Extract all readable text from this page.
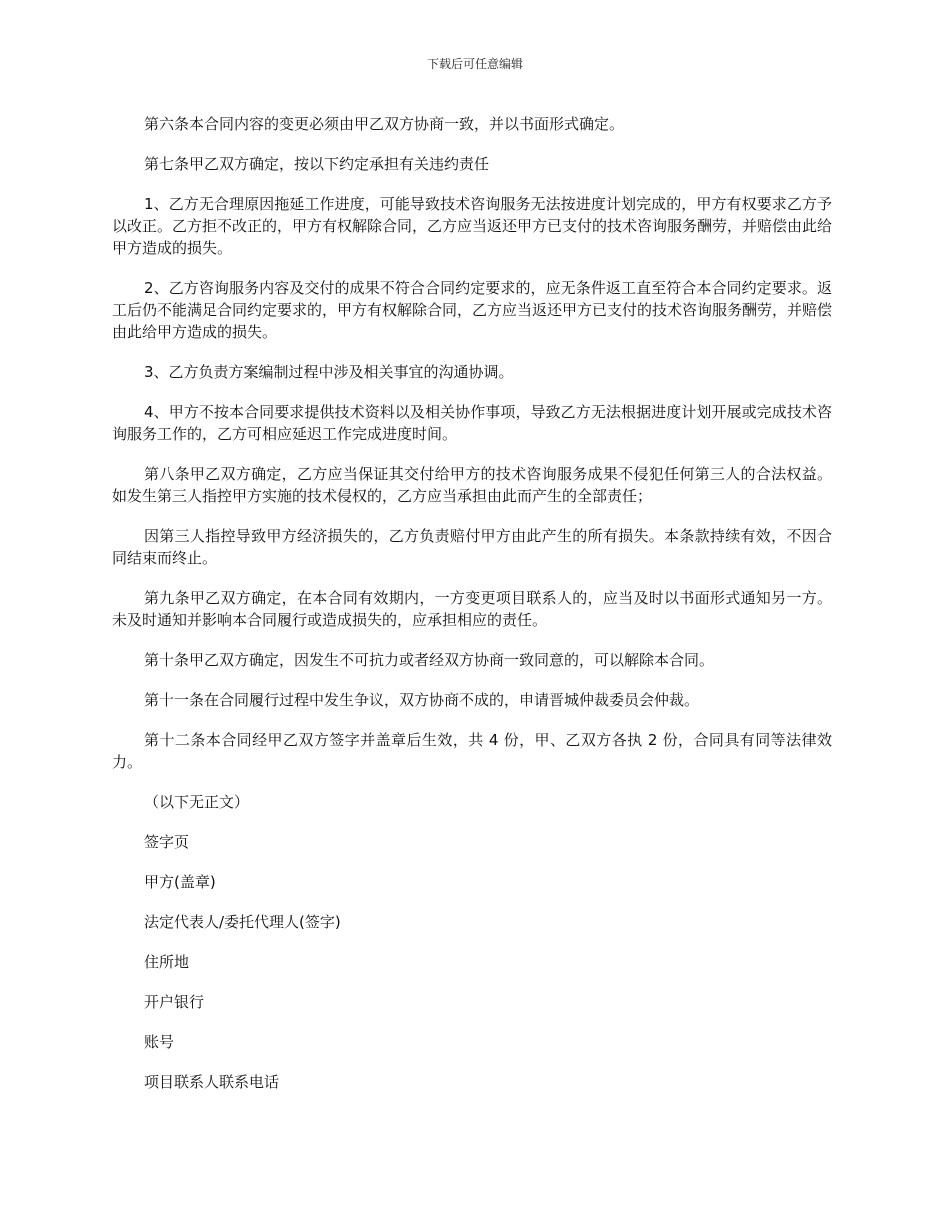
下载后可任意编辑

第六条本合同内容的变更必须由甲乙双方协商一致，并以书面形式确定。

第七条甲乙双方确定，按以下约定承担有关违约责任

1、乙方无合理原因拖延工作进度，可能导致技术咨询服务无法按进度计划完成的，甲方有权要求乙方予以改正。乙方拒不改正的，甲方有权解除合同，乙方应当返还甲方已支付的技术咨询服务酬劳，并赔偿由此给甲方造成的损失。

2、乙方咨询服务内容及交付的成果不符合合同约定要求的，应无条件返工直至符合本合同约定要求。返工后仍不能满足合同约定要求的，甲方有权解除合同，乙方应当返还甲方已支付的技术咨询服务酬劳，并赔偿由此给甲方造成的损失。

3、乙方负责方案编制过程中涉及相关事宜的沟通协调。

4、甲方不按本合同要求提供技术资料以及相关协作事项，导致乙方无法根据进度计划开展或完成技术咨询服务工作的，乙方可相应延迟工作完成进度时间。

第八条甲乙双方确定，乙方应当保证其交付给甲方的技术咨询服务成果不侵犯任何第三人的合法权益。如发生第三人指控甲方实施的技术侵权的，乙方应当承担由此而产生的全部责任；

因第三人指控导致甲方经济损失的，乙方负责赔付甲方由此产生的所有损失。本条款持续有效，不因合同结束而终止。

第九条甲乙双方确定，在本合同有效期内，一方变更项目联系人的，应当及时以书面形式通知另一方。未及时通知并影响本合同履行或造成损失的，应承担相应的责任。

第十条甲乙双方确定，因发生不可抗力或者经双方协商一致同意的，可以解除本合同。

第十一条在合同履行过程中发生争议，双方协商不成的，申请晋城仲裁委员会仲裁。

第十二条本合同经甲乙双方签字并盖章后生效，共 4 份，甲、乙双方各执 2 份，合同具有同等法律效力。

（以下无正文）
签字页
甲方(盖章)
法定代表人/委托代理人(签字)
住所地
开户银行
账号
项目联系人联系电话
